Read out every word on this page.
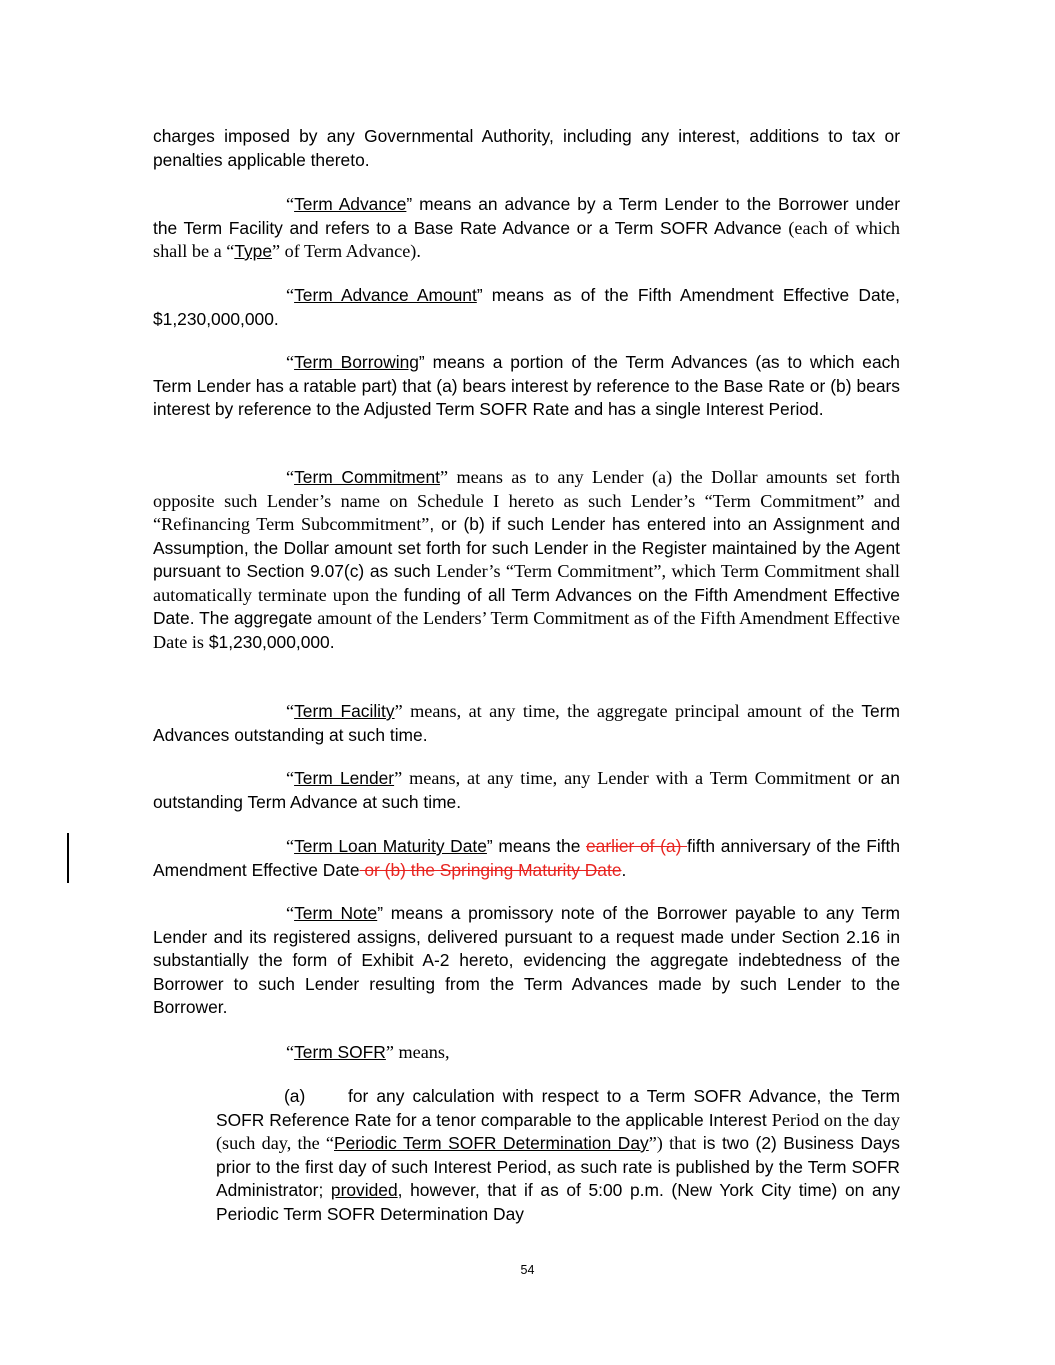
charges imposed by any Governmental Authority, including any interest, additions to tax or penalties applicable thereto.

“Term Advance” means an advance by a Term Lender to the Borrower under the Term Facility and refers to a Base Rate Advance or a Term SOFR Advance (each of which shall be a “Type” of Term Advance).

“Term Advance Amount” means as of the Fifth Amendment Effective Date, $1,230,000,000.

“Term Borrowing” means a portion of the Term Advances (as to which each Term Lender has a ratable part) that (a) bears interest by reference to the Base Rate or (b) bears interest by reference to the Adjusted Term SOFR Rate and has a single Interest Period.

“Term Commitment” means as to any Lender (a) the Dollar amounts set forth opposite such Lender’s name on Schedule I hereto as such Lender’s “Term Commitment” and “Refinancing Term Subcommitment”, or (b) if such Lender has entered into an Assignment and Assumption, the Dollar amount set forth for such Lender in the Register maintained by the Agent pursuant to Section 9.07(c) as such Lender’s “Term Commitment”, which Term Commitment shall automatically terminate upon the funding of all Term Advances on the Fifth Amendment Effective Date. The aggregate amount of the Lenders’ Term Commitment as of the Fifth Amendment Effective Date is $1,230,000,000.

“Term Facility” means, at any time, the aggregate principal amount of the Term Advances outstanding at such time.

“Term Lender” means, at any time, any Lender with a Term Commitment or an outstanding Term Advance at such time.

“Term Loan Maturity Date” means the earlier of (a) fifth anniversary of the Fifth Amendment Effective Date or (b) the Springing Maturity Date.

“Term Note” means a promissory note of the Borrower payable to any Term Lender and its registered assigns, delivered pursuant to a request made under Section 2.16 in substantially the form of Exhibit A-2 hereto, evidencing the aggregate indebtedness of the Borrower to such Lender resulting from the Term Advances made by such Lender to the Borrower.

“Term SOFR” means,

(a) for any calculation with respect to a Term SOFR Advance, the Term SOFR Reference Rate for a tenor comparable to the applicable Interest Period on the day (such day, the “Periodic Term SOFR Determination Day”) that is two (2) Business Days prior to the first day of such Interest Period, as such rate is published by the Term SOFR Administrator; provided, however, that if as of 5:00 p.m. (New York City time) on any Periodic Term SOFR Determination Day

54
